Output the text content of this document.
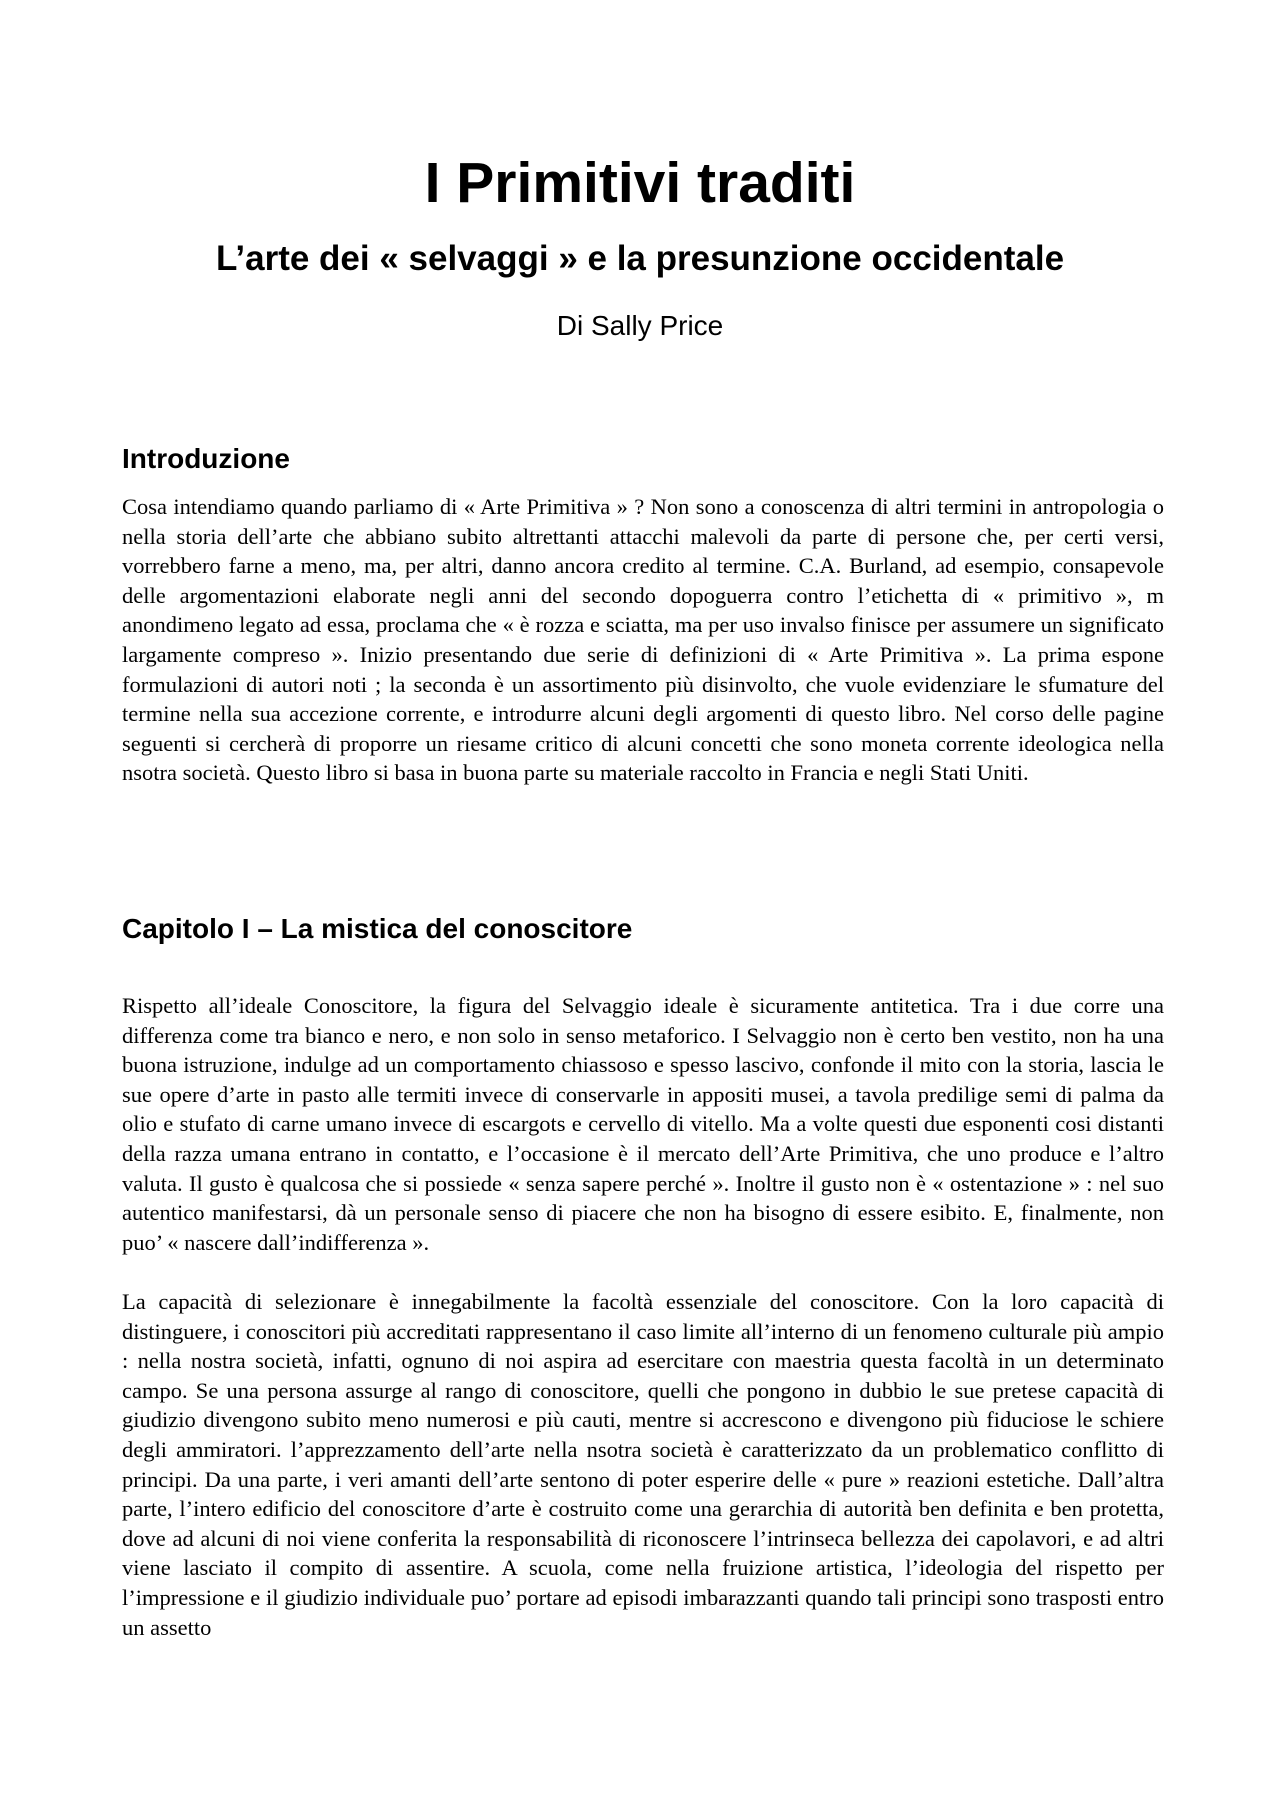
I Primitivi traditi
L’arte dei « selvaggi » e la presunzione occidentale

Di Sally Price

Introduzione

Cosa intendiamo quando parliamo di « Arte Primitiva » ? Non sono a conoscenza di altri termini in antropologia o nella storia dell’arte che abbiano subito altrettanti attacchi malevoli da parte di persone che, per certi versi, vorrebbero farne a meno, ma, per altri, danno ancora credito al termine. C.A. Burland, ad esempio, consapevole delle argomentazioni elaborate negli anni del secondo dopoguerra contro l’etichetta di « primitivo », m anondimeno legato ad essa, proclama che « è rozza e sciatta, ma per uso invalso finisce per assumere un significato largamente compreso ». Inizio presentando due serie di definizioni di « Arte Primitiva ». La prima espone formulazioni di autori noti ; la seconda è un assortimento più disinvolto, che vuole evidenziare le sfumature del termine nella sua accezione corrente, e introdurre alcuni degli argomenti di questo libro. Nel corso delle pagine seguenti si cercherà di proporre un riesame critico di alcuni concetti che sono moneta corrente ideologica nella nsotra società. Questo libro si basa in buona parte su materiale raccolto in Francia e negli Stati Uniti.

Capitolo I – La mistica del conoscitore

Rispetto all’ideale Conoscitore, la figura del Selvaggio ideale è sicuramente antitetica. Tra i due corre una differenza come tra bianco e nero, e non solo in senso metaforico. I Selvaggio non è certo ben vestito, non ha una buona istruzione, indulge ad un comportamento chiassoso e spesso lascivo, confonde il mito con la storia, lascia le sue opere d’arte in pasto alle termiti invece di conservarle in appositi musei, a tavola predilige semi di palma da olio e stufato di carne umano invece di escargots e cervello di vitello. Ma a volte questi due esponenti cosi distanti della razza umana entrano in contatto, e l’occasione è il mercato dell’Arte Primitiva, che uno produce e l’altro valuta. Il gusto è qualcosa che si possiede « senza sapere perché ». Inoltre il gusto non è « ostentazione » : nel suo autentico manifestarsi, dà un personale senso di piacere che non ha bisogno di essere esibito. E, finalmente, non puo’ « nascere dall’indifferenza ».

La capacità di selezionare è innegabilmente la facoltà essenziale del conoscitore. Con la loro capacità di distinguere, i conoscitori più accreditati rappresentano il caso limite all’interno di un fenomeno culturale più ampio : nella nostra società, infatti, ognuno di noi aspira ad esercitare con maestria questa facoltà in un determinato campo. Se una persona assurge al rango di conoscitore, quelli che pongono in dubbio le sue pretese capacità di giudizio divengono subito meno numerosi e più cauti, mentre si accrescono e divengono più fiduciose le schiere degli ammiratori. l’apprezzamento dell’arte nella nsotra società è caratterizzato da un problematico conflitto di principi. Da una parte, i veri amanti dell’arte sentono di poter esperire delle « pure » reazioni estetiche. Dall’altra parte, l’intero edificio del conoscitore d’arte è costruito come una gerarchia di autorità ben definita e ben protetta, dove ad alcuni di noi viene conferita la responsabilità di riconoscere l’intrinseca bellezza dei capolavori, e ad altri viene lasciato il compito di assentire. A scuola, come nella fruizione artistica, l’ideologia del rispetto per l’impressione e il giudizio individuale puo’ portare ad episodi imbarazzanti quando tali principi sono trasposti entro un assetto
